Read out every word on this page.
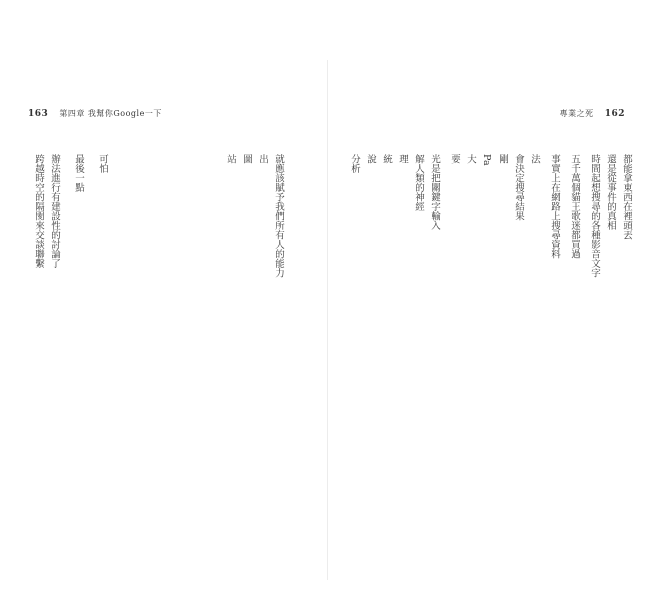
163 第四章 我幫你Google一下
跨越時空的隔閡來交談聯繫 辦法進行有建設性的討論了 最後一點 可怕	站 圖 出 就應該賦予我們所有人的能力
專業之死 162
分析 說 統 理 解人類的神經 光是把關鍵字輸入 要 大 Pa 剛 會決定搜尋結果 法 事實上在網路上搜尋資料 五千萬個貓王歌迷都買過 時間起想搜尋的各種影音文字 還是從事件的真相 都能拿東西在裡頭丟
